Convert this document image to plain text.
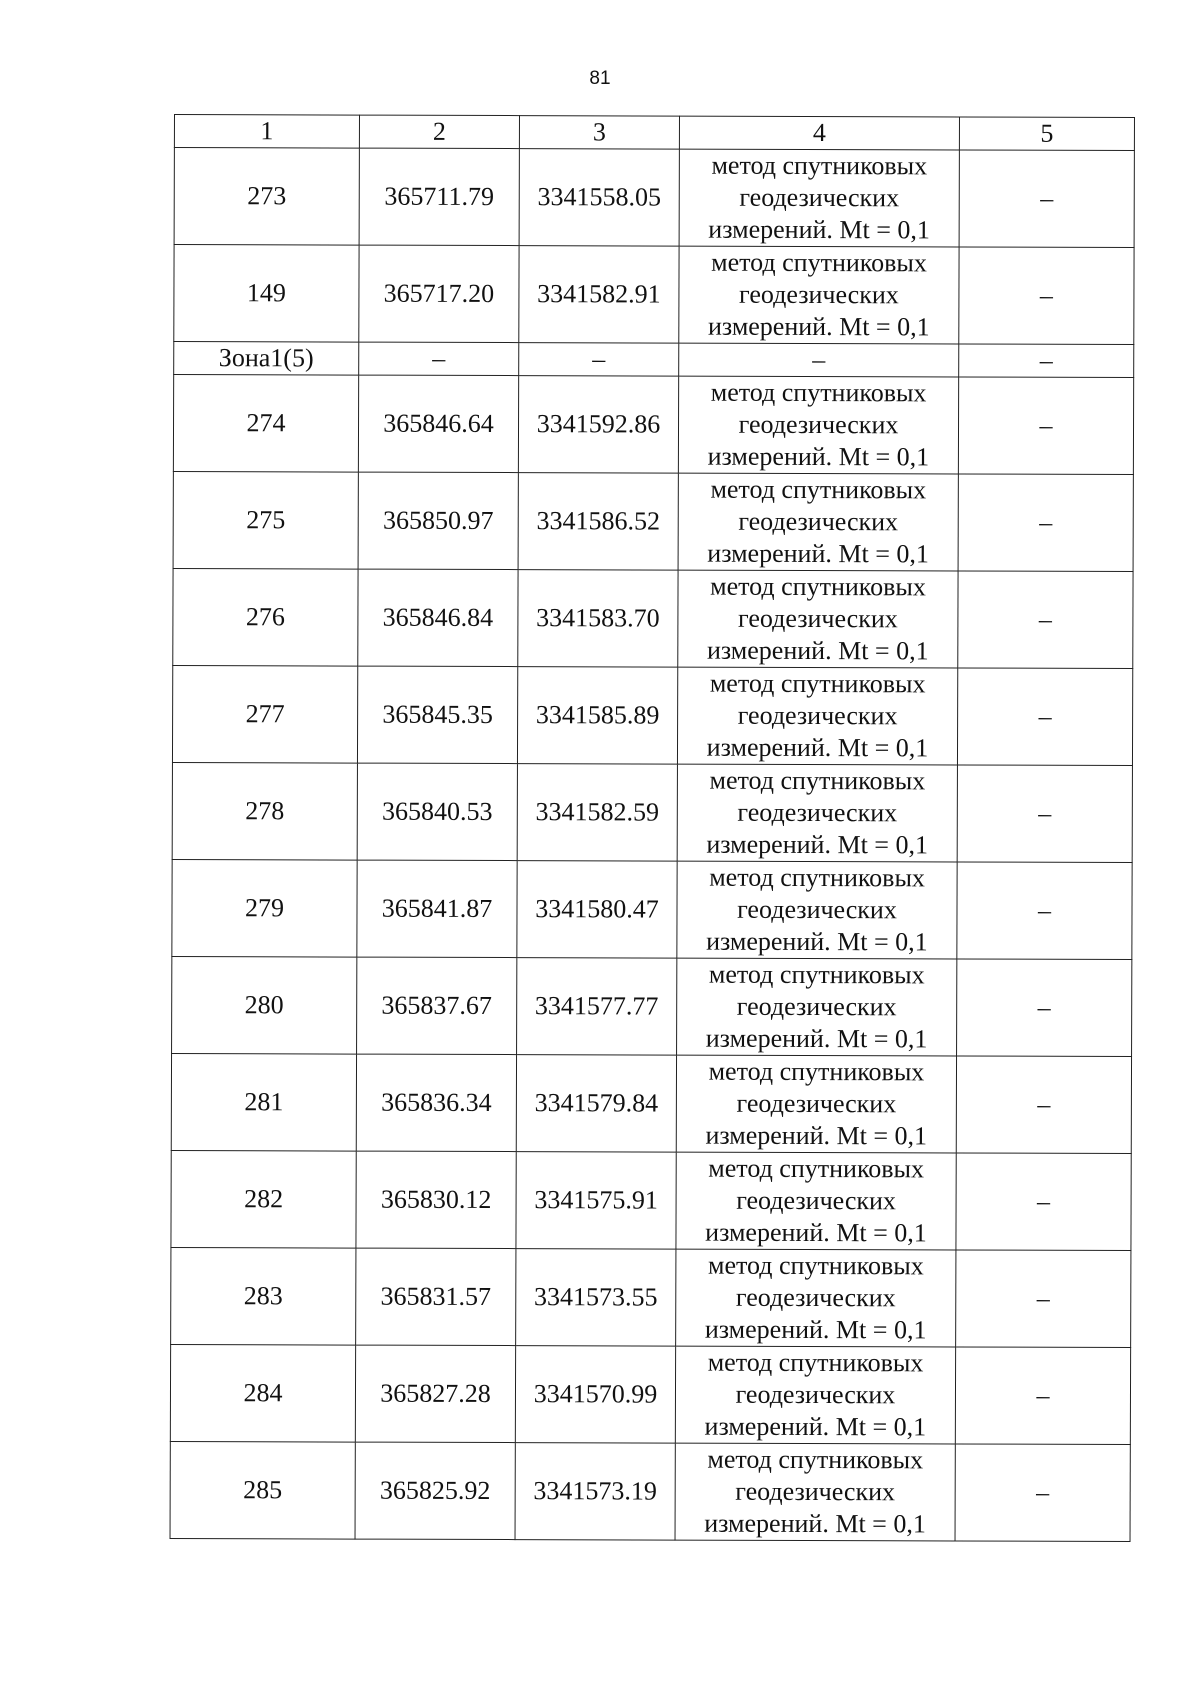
81
1	2	3	4	5
273	365711.79	3341558.05	метод спутниковых
геодезических
измерений. Mt = 0,1	–
149	365717.20	3341582.91	метод спутниковых
геодезических
измерений. Mt = 0,1	–
Зона1(5)	–	–	–	–
274	365846.64	3341592.86	метод спутниковых
геодезических
измерений. Mt = 0,1	–
275	365850.97	3341586.52	метод спутниковых
геодезических
измерений. Mt = 0,1	–
276	365846.84	3341583.70	метод спутниковых
геодезических
измерений. Mt = 0,1	–
277	365845.35	3341585.89	метод спутниковых
геодезических
измерений. Mt = 0,1	–
278	365840.53	3341582.59	метод спутниковых
геодезических
измерений. Mt = 0,1	–
279	365841.87	3341580.47	метод спутниковых
геодезических
измерений. Mt = 0,1	–
280	365837.67	3341577.77	метод спутниковых
геодезических
измерений. Mt = 0,1	–
281	365836.34	3341579.84	метод спутниковых
геодезических
измерений. Mt = 0,1	–
282	365830.12	3341575.91	метод спутниковых
геодезических
измерений. Mt = 0,1	–
283	365831.57	3341573.55	метод спутниковых
геодезических
измерений. Mt = 0,1	–
284	365827.28	3341570.99	метод спутниковых
геодезических
измерений. Mt = 0,1	–
285	365825.92	3341573.19	метод спутниковых
геодезических
измерений. Mt = 0,1	–
